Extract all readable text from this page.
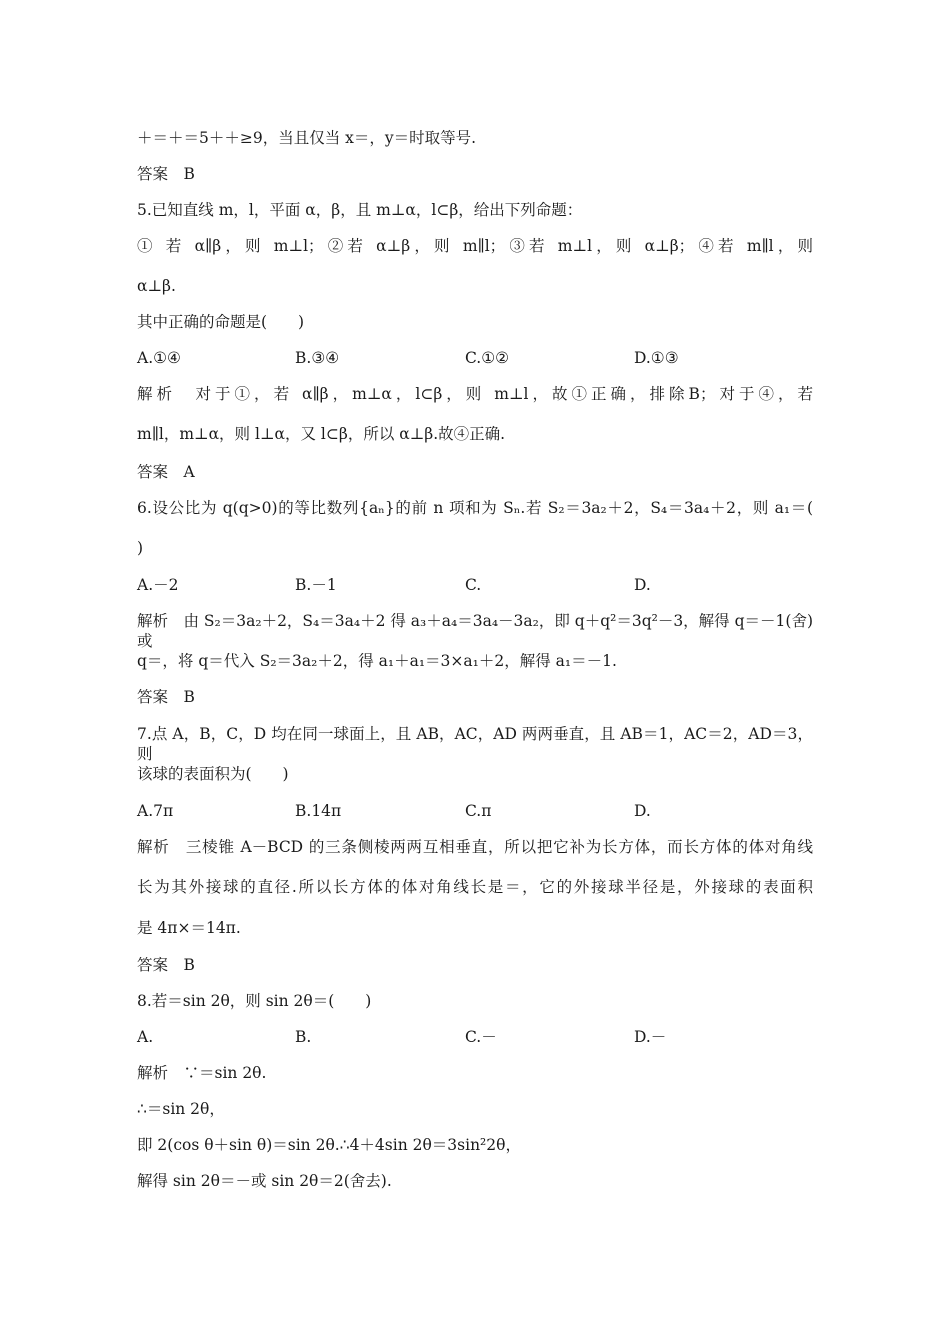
＋＝＋＝5＋＋≥9，当且仅当 x＝，y＝时取等号.
答案　B
5.已知直线 m，l，平面 α，β，且 m⊥α，l⊂β，给出下列命题：
① 若 α∥β，则 m⊥l；②若 α⊥β，则 m∥l；③若 m⊥l，则 α⊥β；④若 m∥l，则
α⊥β.
其中正确的命题是(　　)
A.①④	B.③④	C.①②	D.①③
解析　对于①，若 α∥β，m⊥α，l⊂β，则 m⊥l，故①正确，排除B；对于④，若
m∥l，m⊥α，则 l⊥α，又 l⊂β，所以 α⊥β.故④正确.
答案　A
6.设公比为 q(q>0)的等比数列{aₙ}的前 n 项和为 Sₙ.若 S₂＝3a₂＋2，S₄＝3a₄＋2，则 a₁＝(
)
A.－2	B.－1	C.	D.
解析　由 S₂＝3a₂＋2，S₄＝3a₄＋2 得 a₃＋a₄＝3a₄－3a₂，即 q＋q²＝3q²－3，解得 q＝－1(舍)或
q＝，将 q＝代入 S₂＝3a₂＋2，得 a₁＋a₁＝3×a₁＋2，解得 a₁＝－1.
答案　B
7.点 A，B，C，D 均在同一球面上，且 AB，AC，AD 两两垂直，且 AB＝1，AC＝2，AD＝3，则
该球的表面积为(　　)
A.7π	B.14π	C.π	D.
解析　三棱锥 A－BCD 的三条侧棱两两互相垂直，所以把它补为长方体，而长方体的体对角线
长为其外接球的直径.所以长方体的体对角线长是＝，它的外接球半径是，外接球的表面积
是 4π×＝14π.
答案　B
8.若＝sin 2θ，则 sin 2θ＝(　　)
A.	B.	C.－	D.－
解析　∵＝sin 2θ.
∴＝sin 2θ，
即 2(cos θ＋sin θ)＝sin 2θ.∴4＋4sin 2θ＝3sin²2θ，
解得 sin 2θ＝－或 sin 2θ＝2(舍去).
